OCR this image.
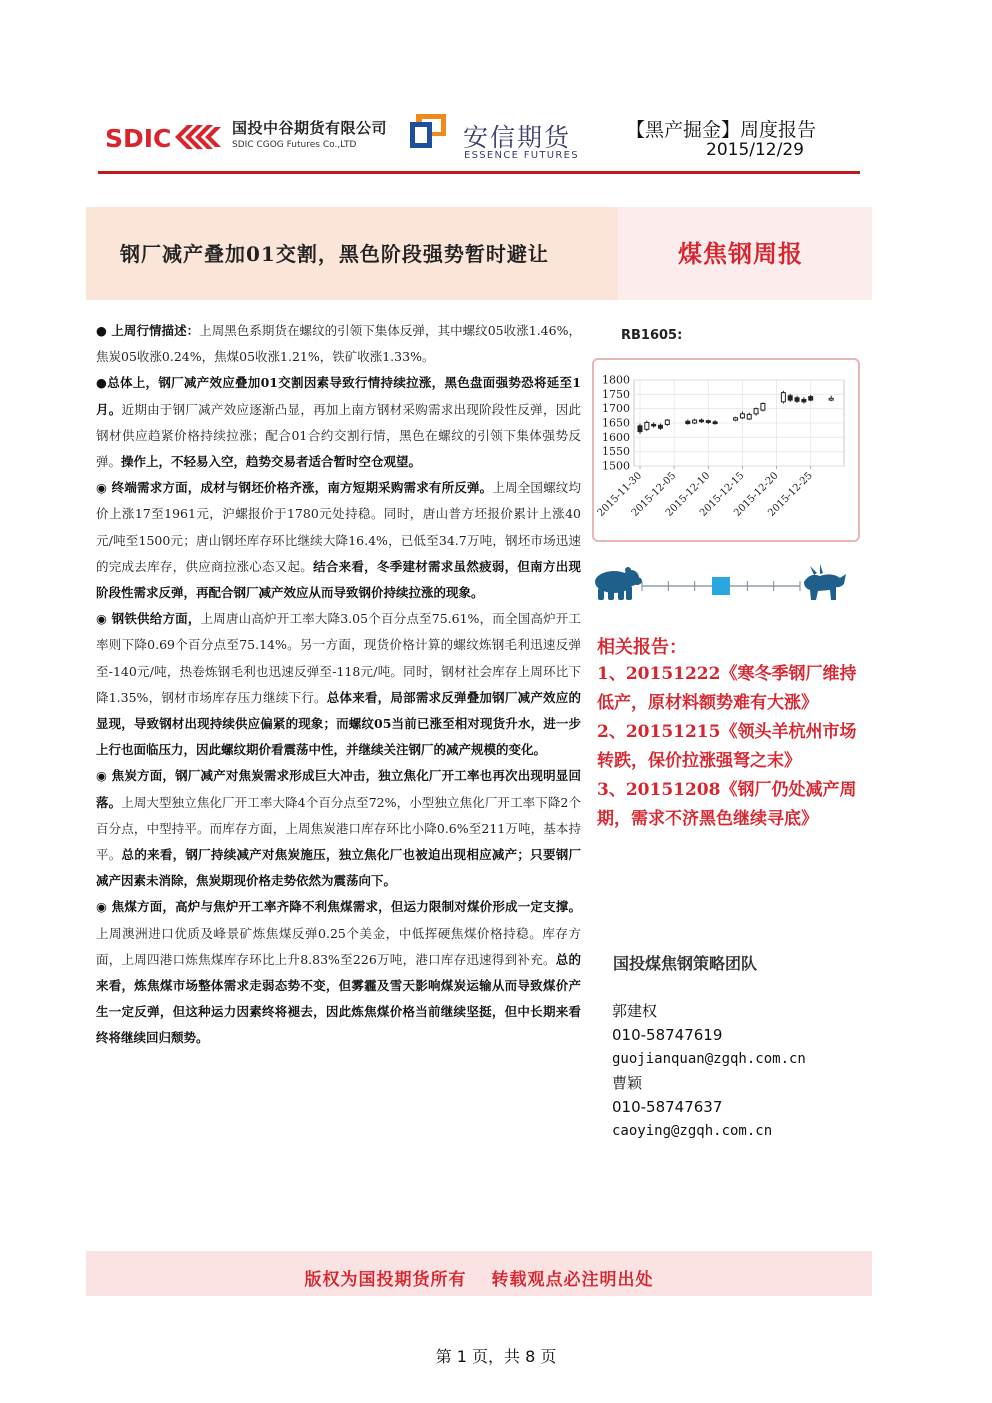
SDIC	国投中谷期货有限公司
SDIC CGOG Futures Co.,LTD	安信期货
ESSENCE FUTURES
【黑产掘金】周度报告
2015/12/29
钢厂减产叠加01交割，黑色阶段强势暂时避让	煤焦钢周报

● 上周行情描述：上周黑色系期货在螺纹的引领下集体反弹，其中螺纹05收涨1.46%，焦炭05收涨0.24%，焦煤05收涨1.21%，铁矿收涨1.33%。

●总体上，钢厂减产效应叠加01交割因素导致行情持续拉涨，黑色盘面强势恐将延至1月。近期由于钢厂减产效应逐渐凸显，再加上南方钢材采购需求出现阶段性反弹，因此钢材供应趋紧价格持续拉涨；配合01合约交割行情，黑色在螺纹的引领下集体强势反弹。操作上，不轻易入空，趋势交易者适合暂时空仓观望。

◉ 终端需求方面，成材与钢坯价格齐涨，南方短期采购需求有所反弹。上周全国螺纹均价上涨17至1961元，沪螺报价于1780元处持稳。同时，唐山普方坯报价累计上涨40元/吨至1500元；唐山钢坯库存环比继续大降16.4%，已低至34.7万吨，钢坯市场迅速的完成去库存，供应商拉涨心态又起。结合来看，冬季建材需求虽然疲弱，但南方出现阶段性需求反弹，再配合钢厂减产效应从而导致钢价持续拉涨的现象。

◉ 钢铁供给方面，上周唐山高炉开工率大降3.05个百分点至75.61%，而全国高炉开工率则下降0.69个百分点至75.14%。另一方面，现货价格计算的螺纹炼钢毛利迅速反弹至-140元/吨，热卷炼钢毛利也迅速反弹至-118元/吨。同时，钢材社会库存上周环比下降1.35%，钢材市场库存压力继续下行。总体来看，局部需求反弹叠加钢厂减产效应的显现，导致钢材出现持续供应偏紧的现象；而螺纹05当前已涨至相对现货升水，进一步上行也面临压力，因此螺纹期价看震荡中性，并继续关注钢厂的减产规模的变化。

◉ 焦炭方面，钢厂减产对焦炭需求形成巨大冲击，独立焦化厂开工率也再次出现明显回落。上周大型独立焦化厂开工率大降4个百分点至72%，小型独立焦化厂开工率下降2个百分点，中型持平。而库存方面，上周焦炭港口库存环比小降0.6%至211万吨，基本持平。总的来看，钢厂持续减产对焦炭施压，独立焦化厂也被迫出现相应减产；只要钢厂减产因素未消除，焦炭期现价格走势依然为震荡向下。

◉ 焦煤方面，高炉与焦炉开工率齐降不利焦煤需求，但运力限制对煤价形成一定支撑。上周澳洲进口优质及峰景矿炼焦煤反弹0.25个美金，中低挥硬焦煤价格持稳。库存方面，上周四港口炼焦煤库存环比上升8.83%至226万吨，港口库存迅速得到补充。总的来看，炼焦煤市场整体需求走弱态势不变，但雾霾及雪天影响煤炭运输从而导致煤价产生一定反弹，但这种运力因素终将褪去，因此炼焦煤价格当前继续坚挺，但中长期来看终将继续回归颓势。

RB1605:
1500
1550
1600
1650
1700
1750
1800
2015-11-30
2015-12-05
2015-12-10
2015-12-15
2015-12-20
2015-12-25
相关报告：

1、20151222《寒冬季钢厂维持低产，原材料额势难有大涨》

2、20151215《领头羊杭州市场转跌，保价拉涨强弩之末》

3、20151208《钢厂仍处减产周期，需求不济黑色继续寻底》

国投煤焦钢策略团队
郭建权
010-58747619
guojianquan@zgqh.com.cn
曹颖
010-58747637
caoying@zgqh.com.cn
版权为国投期货所有 转载观点必注明出处
第 1 页，共 8 页
